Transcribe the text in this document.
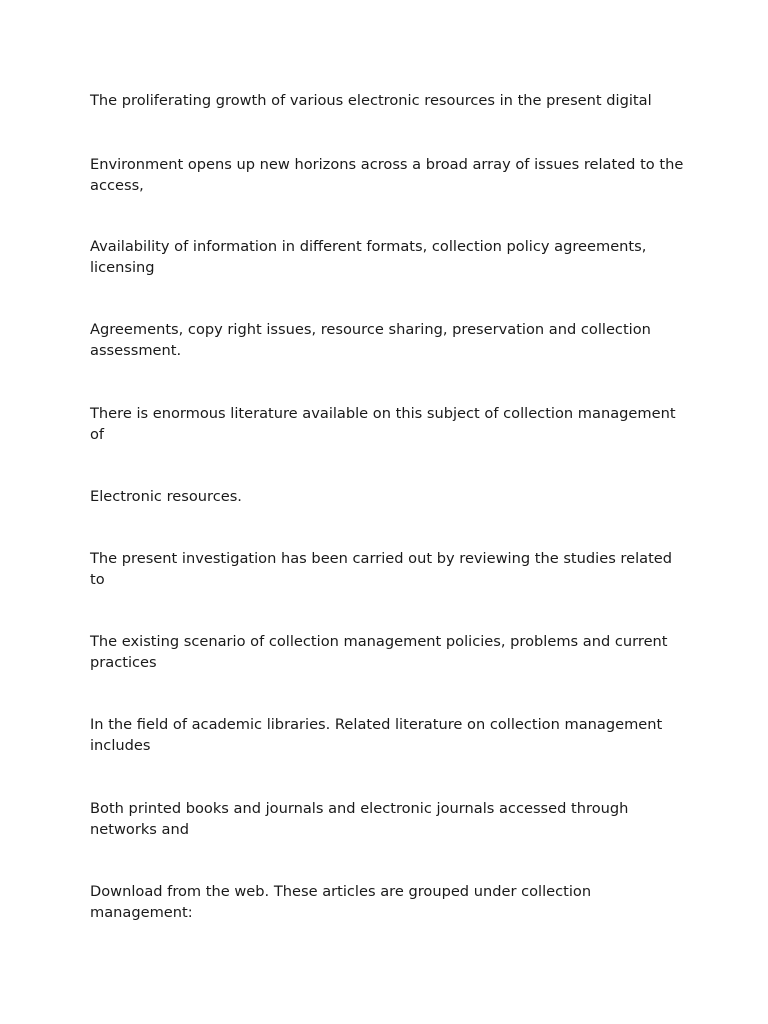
The proliferating growth of various electronic resources in the present digital

Environment opens up new horizons across a broad array of issues related to the access,

Availability of information in different formats, collection policy agreements, licensing

Agreements, copy right issues, resource sharing, preservation and collection assessment.

There is enormous literature available on this subject of collection management of

Electronic resources.

The present investigation has been carried out by reviewing the studies related to

The existing scenario of collection management policies, problems and current practices

In the field of academic libraries. Related literature on collection management includes

Both printed books and journals and electronic journals accessed through networks and

Download from the web. These articles are grouped under collection management:
